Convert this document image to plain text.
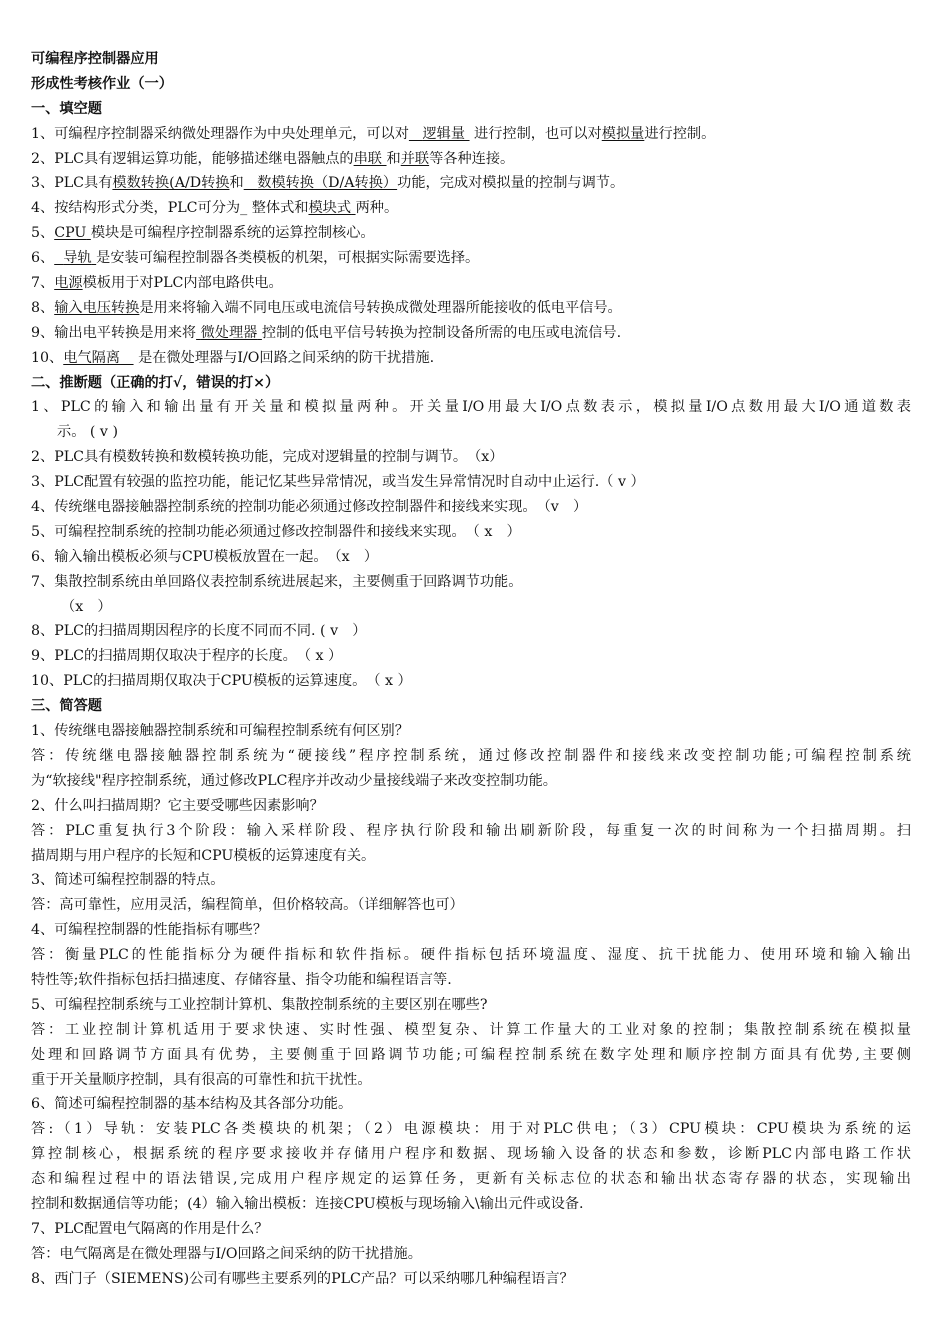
可编程序控制器应用
形成性考核作业（一）
一、填空题
1、可编程序控制器采纳微处理器作为中央处理单元，可以对 逻辑量 进行控制，也可以对模拟量进行控制。
2、PLC具有逻辑运算功能，能够描述继电器触点的串联 和并联等各种连接。
3、PLC具有模数转换(A/D转换和 数模转换（D/A转换）功能，完成对模拟量的控制与调节。
4、按结构形式分类，PLC可分为_ 整体式和模块式 两种。
5、CPU 模块是可编程序控制器系统的运算控制核心。
6、 导轨 是安装可编程控制器各类模板的机架，可根据实际需要选择。
7、电源模板用于对PLC内部电路供电。
8、输入电压转换是用来将输入端不同电压或电流信号转换成微处理器所能接收的低电平信号。
9、输出电平转换是用来将 微处理器 控制的低电平信号转换为控制设备所需的电压或电流信号.
10、电气隔离 是在微处理器与I/O回路之间采纳的防干扰措施.
二、推断题（正确的打√，错误的打×）
1、PLC的输入和输出量有开关量和模拟量两种。开关量I/O用最大I/O点数表示，模拟量I/O点数用最大I/O通道数表
示。 ( v )
2、PLC具有模数转换和数模转换功能，完成对逻辑量的控制与调节。　（x）
3、PLC配置有较强的监控功能，能记忆某些异常情况，或当发生异常情况时自动中止运行.（ v ）
4、传统继电器接触器控制系统的控制功能必须通过修改控制器件和接线来实现。　（v　）
5、可编程控制系统的控制功能必须通过修改控制器件和接线来实现。　（ x　）
6、输入输出模板必须与CPU模板放置在一起。　（x　）
7、集散控制系统由单回路仪表控制系统进展起来，主要侧重于回路调节功能。
（x　）
8、PLC的扫描周期因程序的长度不同而不同. ( v　）
9、PLC的扫描周期仅取决于程序的长度。　（ x ）
10、PLC的扫描周期仅取决于CPU模板的运算速度。　（ x ）
三、简答题
1、传统继电器接触器控制系统和可编程控制系统有何区别？
答：传统继电器接触器控制系统为“硬接线”程序控制系统，通过修改控制器件和接线来改变控制功能;可编程控制系统
为“软接线"程序控制系统，通过修改PLC程序并改动少量接线端子来改变控制功能。
2、什么叫扫描周期？它主要受哪些因素影响？
答：PLC重复执行3个阶段：输入采样阶段、程序执行阶段和输出刷新阶段，每重复一次的时间称为一个扫描周期。扫
描周期与用户程序的长短和CPU模板的运算速度有关。
3、简述可编程控制器的特点。
答：高可靠性，应用灵活，编程简单，但价格较高。（详细解答也可）
4、可编程控制器的性能指标有哪些？
答：衡量PLC的性能指标分为硬件指标和软件指标。硬件指标包括环境温度、湿度、抗干扰能力、使用环境和输入输出
特性等;软件指标包括扫描速度、存储容量、指令功能和编程语言等.
5、可编程控制系统与工业控制计算机、集散控制系统的主要区别在哪些?
答：工业控制计算机适用于要求快速、实时性强、模型复杂、计算工作量大的工业对象的控制；集散控制系统在模拟量
处理和回路调节方面具有优势，主要侧重于回路调节功能;可编程控制系统在数字处理和顺序控制方面具有优势,主要侧
重于开关量顺序控制，具有很高的可靠性和抗干扰性。
6、简述可编程控制器的基本结构及其各部分功能。
答:（1）导轨：安装PLC各类模块的机架；（2）电源模块：用于对PLC供电；（3）CPU模块：CPU模块为系统的运
算控制核心，根据系统的程序要求接收并存储用户程序和数据、现场输入设备的状态和参数，诊断PLC内部电路工作状
态和编程过程中的语法错误,完成用户程序规定的运算任务，更新有关标志位的状态和输出状态寄存器的状态，实现输出
控制和数据通信等功能；(4）输入输出模板：连接CPU模板与现场输入\输出元件或设备.
7、PLC配置电气隔离的作用是什么？
答：电气隔离是在微处理器与I/O回路之间采纳的防干扰措施。
8、西门子（SIEMENS)公司有哪些主要系列的PLC产品？可以采纳哪几种编程语言？
